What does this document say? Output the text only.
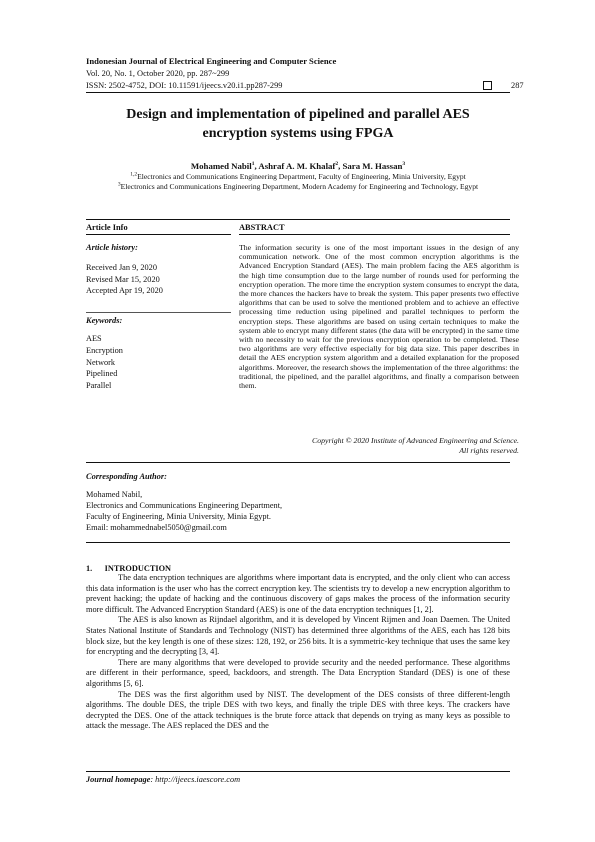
Indonesian Journal of Electrical Engineering and Computer Science
Vol. 20, No. 1, October 2020, pp. 287~299
ISSN: 2502-4752, DOI: 10.11591/ijeecs.v20.i1.pp287-299	287
Design and implementation of pipelined and parallel AES
encryption systems using FPGA
Mohamed Nabil$^1$, Ashraf A. M. Khalaf$^2$, Sara M. Hassan$^3$
$^{1,2}$Electronics and Communications Engineering Department, Faculty of Engineering, Minia University, Egypt
$^3$Electronics and Communications Engineering Department, Modern Academy for Engineering and Technology, Egypt
Article Info
Article history:
Received Jan 9, 2020
Revised Mar 15, 2020
Accepted Apr 19, 2020
Keywords:
AES
Encryption
Network
Pipelined
Parallel
ABSTRACT
The information security is one of the most important issues in the design of any communication network. One of the most common encryption algorithms is the Advanced Encryption Standard (AES). The main problem facing the AES algorithm is the high time consumption due to the large number of rounds used for performing the encryption operation. The more time the encryption system consumes to encrypt the data, the more chances the hackers have to break the system. This paper presents two effective algorithms that can be used to solve the mentioned problem and to achieve an effective processing time reduction using pipelined and parallel techniques to perform the encryption steps. These algorithms are based on using certain techniques to make the system able to encrypt many different states (the data will be encrypted) in the same time with no necessity to wait for the previous encryption operation to be completed. These two algorithms are very effective especially for big data size. This paper describes in detail the AES encryption system algorithm and a detailed explanation for the proposed algorithms. Moreover, the research shows the implementation of the three algorithms: the traditional, the pipelined, and the parallel algorithms, and finally a comparison between them.
Copyright © 2020 Institute of Advanced Engineering and Science.
All rights reserved.
Corresponding Author:
Mohamed Nabil,
Electronics and Communications Engineering Department,
Faculty of Engineering, Minia University, Minia Egypt.
Email: mohammednabel5050@gmail.com
1.      INTRODUCTION

The data encryption techniques are algorithms where important data is encrypted, and the only client who can access this data information is the user who has the correct encryption key. The scientists try to develop a new encryption algorithm to prevent hacking; the update of hacking and the continuous discovery of gaps makes the process of the information security more difficult. The Advanced Encryption Standard (AES) is one of the data encryption techniques [1, 2].

The AES is also known as Rijndael algorithm, and it is developed by Vincent Rijmen and Joan Daemen. The United States National Institute of Standards and Technology (NIST) has determined three algorithms of the AES, each has 128 bits block size, but the key length is one of these sizes: 128, 192, or 256 bits. It is a symmetric-key technique that uses the same key for encrypting and the decrypting [3, 4].

There are many algorithms that were developed to provide security and the needed performance. These algorithms are different in their performance, speed, backdoors, and strength. The Data Encryption Standard (DES) is one of these algorithms [5, 6].

The DES was the first algorithm used by NIST. The development of the DES consists of three different-length algorithms. The double DES, the triple DES with two keys, and finally the triple DES with three keys. The crackers have decrypted the DES. One of the attack techniques is the brute force attack that depends on trying as many keys as possible to attack the message. The AES replaced the DES and the

Journal homepage: http://ijeecs.iaescore.com
